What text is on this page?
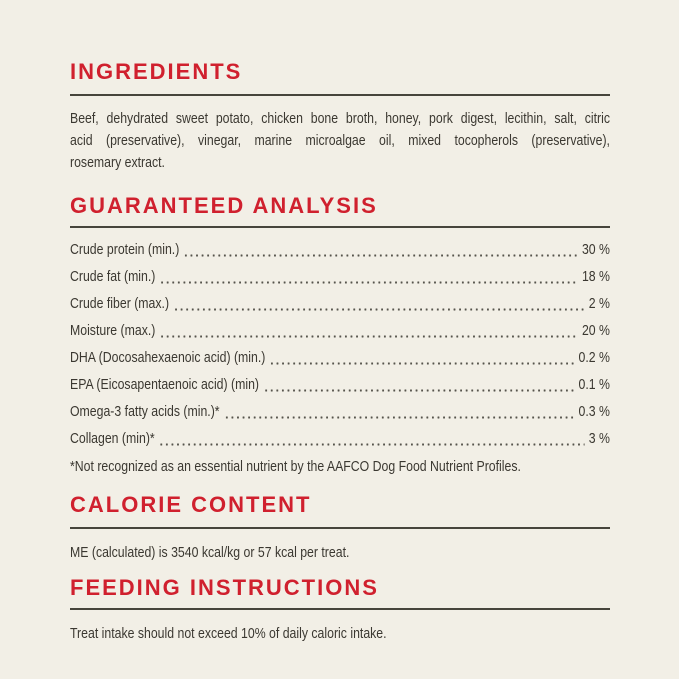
INGREDIENTS
Beef, dehydrated sweet potato, chicken bone broth, honey, pork digest, lecithin, salt, citric
acid (preservative), vinegar, marine microalgae oil, mixed tocopherols (preservative),
rosemary extract.
GUARANTEED ANALYSIS
Crude protein (min.)	30 %
Crude fat (min.)	18 %
Crude fiber (max.)	2 %
Moisture (max.)	20 %
DHA (Docosahexaenoic acid) (min.)	0.2 %
EPA (Eicosapentaenoic acid) (min)	0.1 %
Omega-3 fatty acids (min.)*	0.3 %
Collagen (min)*	3 %
*Not recognized as an essential nutrient by the AAFCO Dog Food Nutrient Profiles.
CALORIE CONTENT
ME (calculated) is 3540 kcal/kg or 57 kcal per treat.
FEEDING INSTRUCTIONS
Treat intake should not exceed 10% of daily caloric intake.
